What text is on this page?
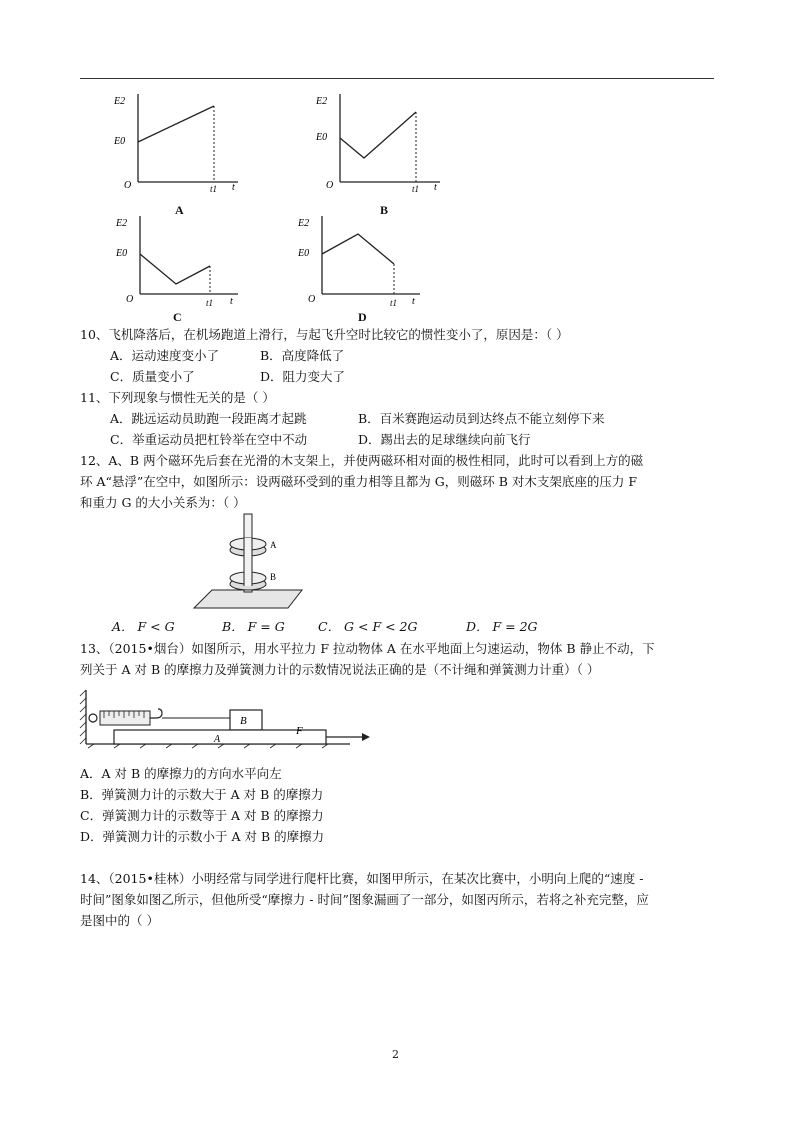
E2
E0
O	t1 t
A
E2
E0
O	t1 t
B
E2
E0
O	t1 t
C
E2
E0
O	t1 t
D
10、飞机降落后，在机场跑道上滑行，与起飞升空时比较它的惯性变小了，原因是：（ ）
A．运动速度变小了	B．高度降低了
C．质量变小了	D．阻力变大了
11、下列现象与惯性无关的是（ ）
A．跳远运动员助跑一段距离才起跳	B．百米赛跑运动员到达终点不能立刻停下来
C．举重运动员把杠铃举在空中不动	D．踢出去的足球继续向前飞行
12、A、B 两个磁环先后套在光滑的木支架上，并使两磁环相对面的极性相同，此时可以看到上方的磁
环 A“悬浮”在空中，如图所示：设两磁环受到的重力相等且都为 G，则磁环 B 对木支架底座的压力 F
和重力 G 的大小关系为：（ ）
A
B
A． F < G	B． F = G	C． G < F < 2G	D． F = 2G
13、（2015•烟台）如图所示，用水平拉力 F 拉动物体 A 在水平地面上匀速运动，物体 B 静止不动，下
列关于 A 对 B 的摩擦力及弹簧测力计的示数情况说法正确的是（不计绳和弹簧测力计重）（ ）
B
A
F
A．A 对 B 的摩擦力的方向水平向左
B．弹簧测力计的示数大于 A 对 B 的摩擦力
C．弹簧测力计的示数等于 A 对 B 的摩擦力
D．弹簧测力计的示数小于 A 对 B 的摩擦力
14、（2015•桂林）小明经常与同学进行爬杆比赛，如图甲所示，在某次比赛中，小明向上爬的“速度 -
时间”图象如图乙所示，但他所受“摩擦力 - 时间”图象漏画了一部分，如图丙所示，若将之补充完整，应
是图中的（ ）
2
